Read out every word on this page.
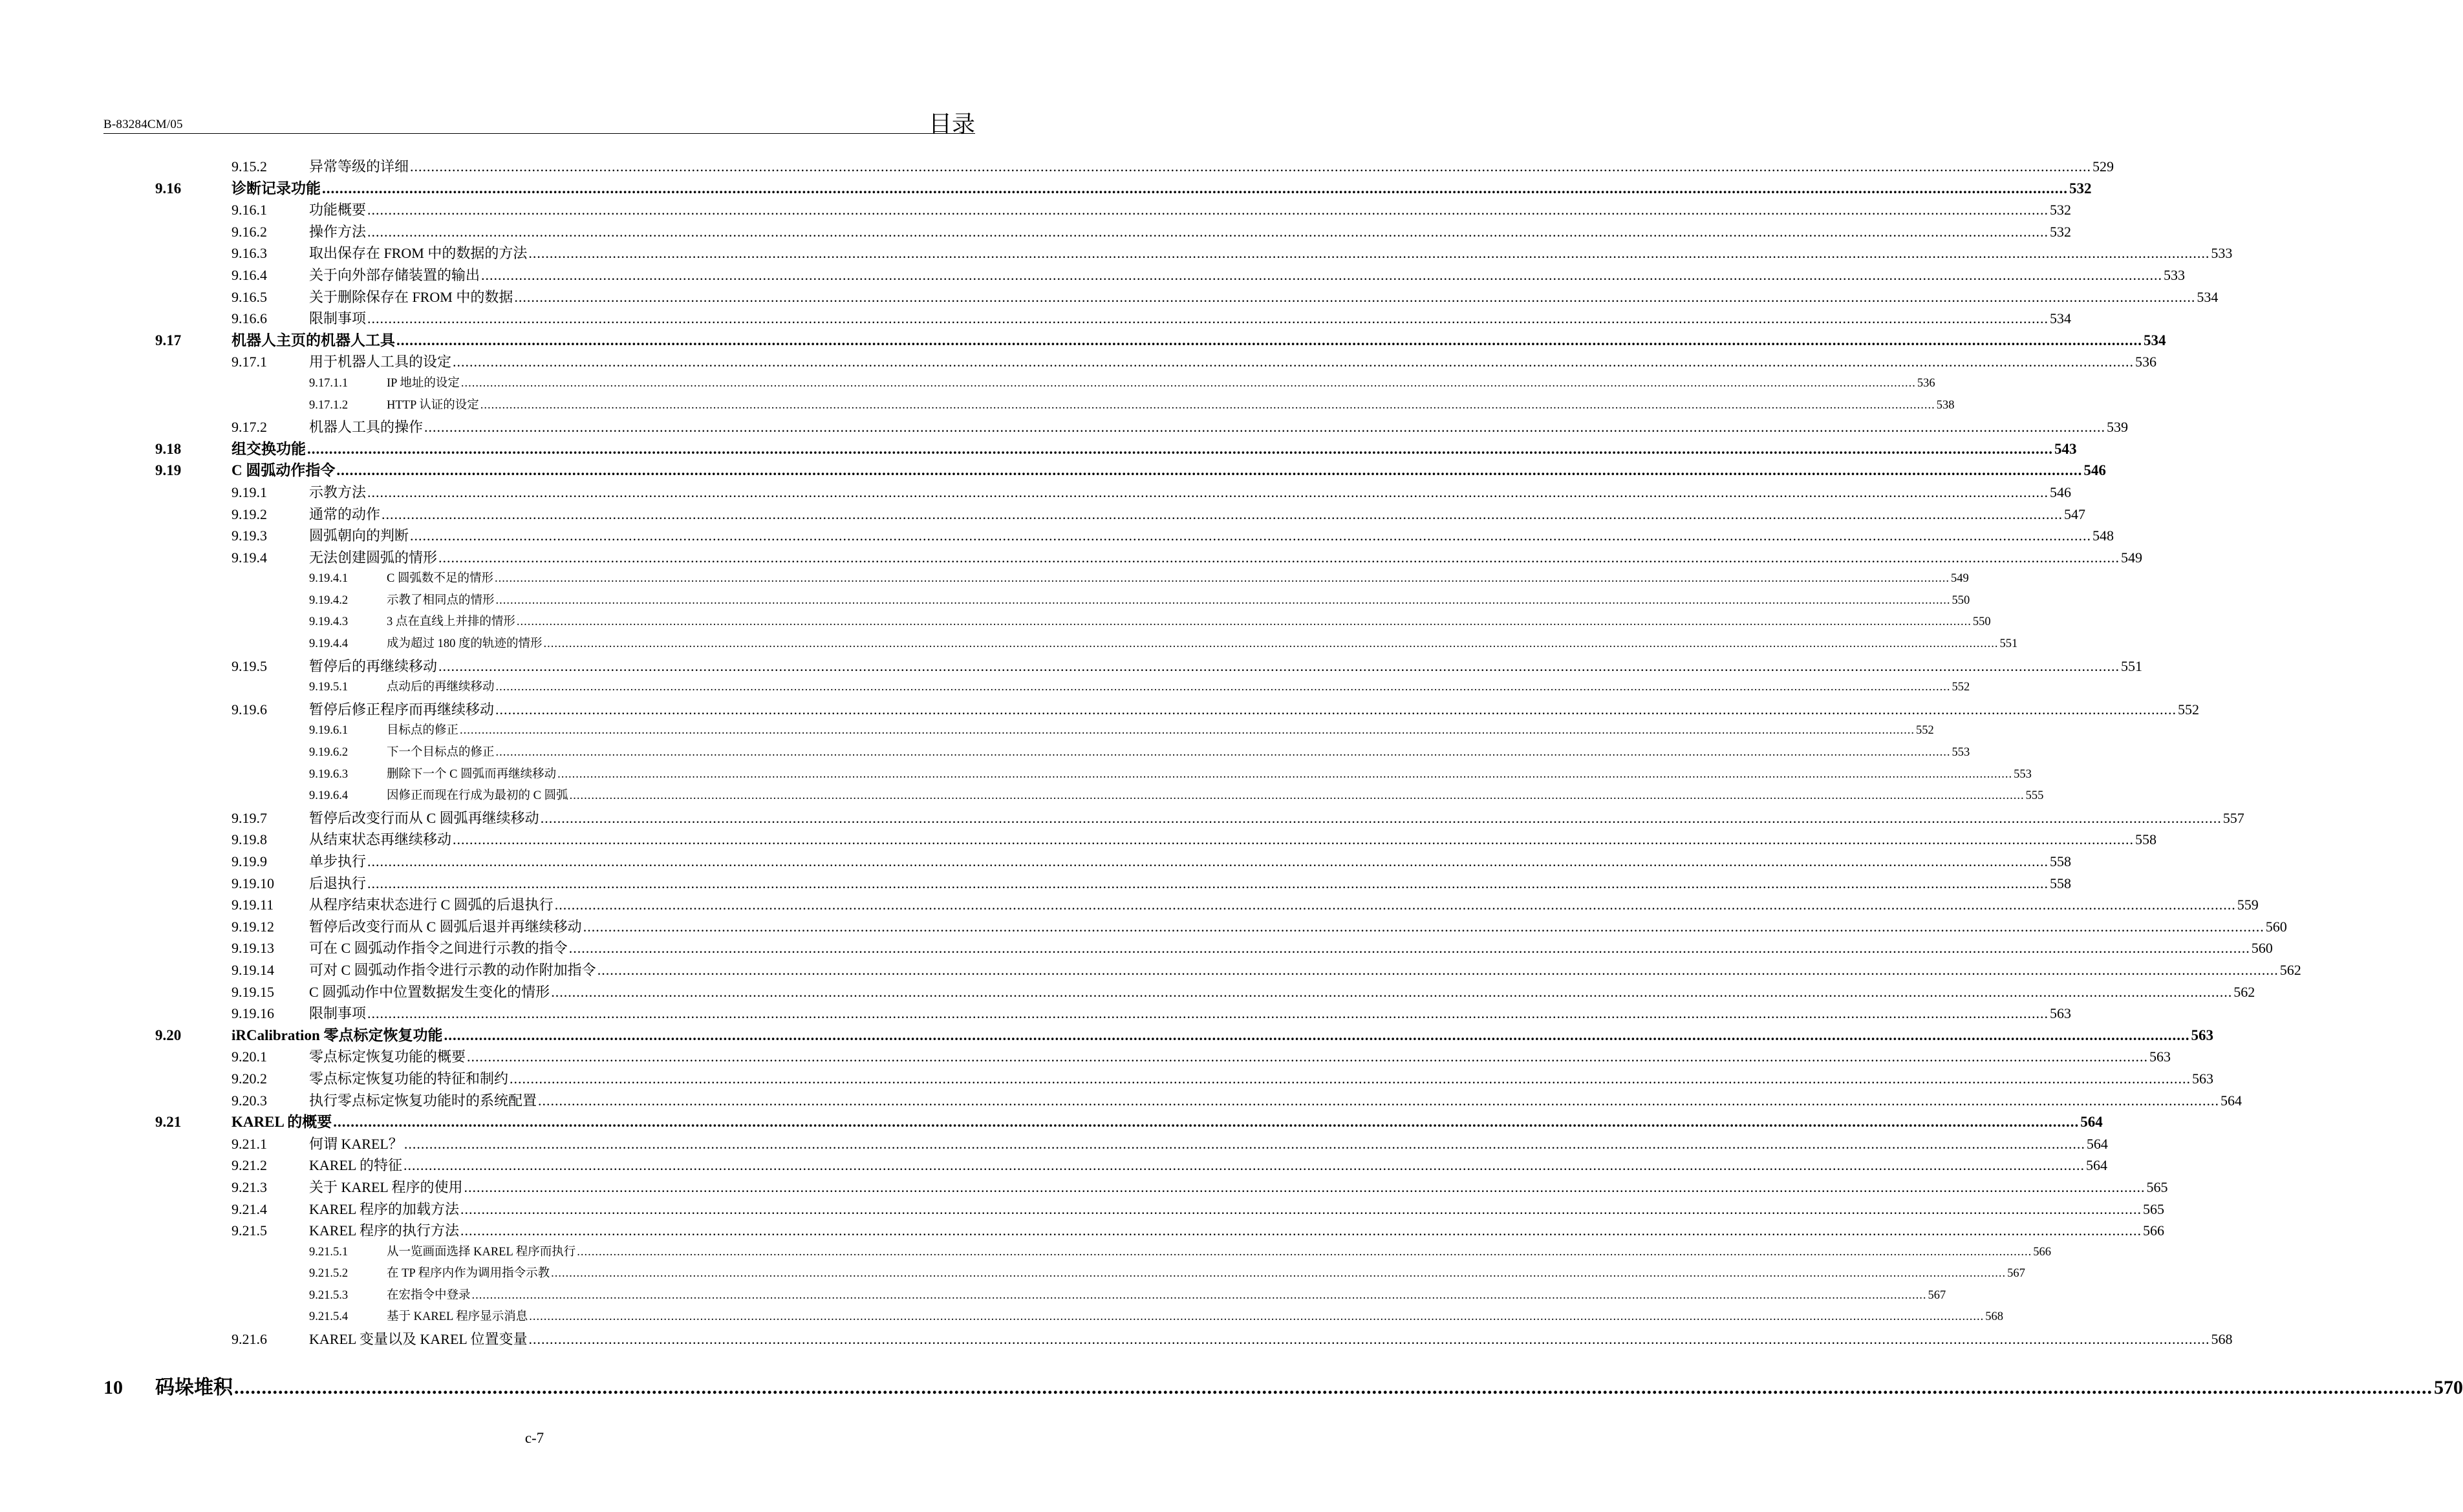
B-83284CM/05	目录
9.15.2	异常等级的详细 ................................................................................................................................................................................................................................................................................................................................................................................................................ 529
9.16	诊断记录功能 ................................................................................................................................................................................................................................................................................................................................................................................................................ 532
9.16.1	功能概要 ................................................................................................................................................................................................................................................................................................................................................................................................................ 532
9.16.2	操作方法 ................................................................................................................................................................................................................................................................................................................................................................................................................ 532
9.16.3	取出保存在 FROM 中的数据的方法 ................................................................................................................................................................................................................................................................................................................................................................................................................ 533
9.16.4	关于向外部存储装置的输出 ................................................................................................................................................................................................................................................................................................................................................................................................................ 533
9.16.5	关于删除保存在 FROM 中的数据 ................................................................................................................................................................................................................................................................................................................................................................................................................ 534
9.16.6	限制事项 ................................................................................................................................................................................................................................................................................................................................................................................................................ 534
9.17	机器人主页的机器人工具 ................................................................................................................................................................................................................................................................................................................................................................................................................ 534
9.17.1	用于机器人工具的设定 ................................................................................................................................................................................................................................................................................................................................................................................................................ 536
9.17.1.1	IP 地址的设定 ................................................................................................................................................................................................................................................................................................................................................................................................................ 536
9.17.1.2	HTTP 认证的设定 ................................................................................................................................................................................................................................................................................................................................................................................................................ 538
9.17.2	机器人工具的操作 ................................................................................................................................................................................................................................................................................................................................................................................................................ 539
9.18	组交换功能 ................................................................................................................................................................................................................................................................................................................................................................................................................ 543
9.19	C 圆弧动作指令 ................................................................................................................................................................................................................................................................................................................................................................................................................ 546
9.19.1	示教方法 ................................................................................................................................................................................................................................................................................................................................................................................................................ 546
9.19.2	通常的动作 ................................................................................................................................................................................................................................................................................................................................................................................................................ 547
9.19.3	圆弧朝向的判断 ................................................................................................................................................................................................................................................................................................................................................................................................................ 548
9.19.4	无法创建圆弧的情形 ................................................................................................................................................................................................................................................................................................................................................................................................................ 549
9.19.4.1	C 圆弧数不足的情形 ................................................................................................................................................................................................................................................................................................................................................................................................................ 549
9.19.4.2	示教了相同点的情形 ................................................................................................................................................................................................................................................................................................................................................................................................................ 550
9.19.4.3	3 点在直线上并排的情形 ................................................................................................................................................................................................................................................................................................................................................................................................................ 550
9.19.4.4	成为超过 180 度的轨迹的情形 ................................................................................................................................................................................................................................................................................................................................................................................................................ 551
9.19.5	暂停后的再继续移动 ................................................................................................................................................................................................................................................................................................................................................................................................................ 551
9.19.5.1	点动后的再继续移动 ................................................................................................................................................................................................................................................................................................................................................................................................................ 552
9.19.6	暂停后修正程序而再继续移动 ................................................................................................................................................................................................................................................................................................................................................................................................................ 552
9.19.6.1	目标点的修正 ................................................................................................................................................................................................................................................................................................................................................................................................................ 552
9.19.6.2	下一个目标点的修正 ................................................................................................................................................................................................................................................................................................................................................................................................................ 553
9.19.6.3	删除下一个 C 圆弧而再继续移动 ................................................................................................................................................................................................................................................................................................................................................................................................................ 553
9.19.6.4	因修正而现在行成为最初的 C 圆弧 ................................................................................................................................................................................................................................................................................................................................................................................................................ 555
9.19.7	暂停后改变行而从 C 圆弧再继续移动 ................................................................................................................................................................................................................................................................................................................................................................................................................ 557
9.19.8	从结束状态再继续移动 ................................................................................................................................................................................................................................................................................................................................................................................................................ 558
9.19.9	单步执行 ................................................................................................................................................................................................................................................................................................................................................................................................................ 558
9.19.10 后退执行 ................................................................................................................................................................................................................................................................................................................................................................................................................ 558
9.19.11 从程序结束状态进行 C 圆弧的后退执行 ................................................................................................................................................................................................................................................................................................................................................................................................................ 559
9.19.12 暂停后改变行而从 C 圆弧后退并再继续移动 ................................................................................................................................................................................................................................................................................................................................................................................................................ 560
9.19.13 可在 C 圆弧动作指令之间进行示教的指令 ................................................................................................................................................................................................................................................................................................................................................................................................................ 560
9.19.14 可对 C 圆弧动作指令进行示教的动作附加指令 ................................................................................................................................................................................................................................................................................................................................................................................................................ 562
9.19.15 C 圆弧动作中位置数据发生变化的情形 ................................................................................................................................................................................................................................................................................................................................................................................................................ 562
9.19.16 限制事项 ................................................................................................................................................................................................................................................................................................................................................................................................................ 563
9.20	iRCalibration 零点标定恢复功能 ................................................................................................................................................................................................................................................................................................................................................................................................................ 563
9.20.1	零点标定恢复功能的概要 ................................................................................................................................................................................................................................................................................................................................................................................................................ 563
9.20.2	零点标定恢复功能的特征和制约 ................................................................................................................................................................................................................................................................................................................................................................................................................ 563
9.20.3	执行零点标定恢复功能时的系统配置 ................................................................................................................................................................................................................................................................................................................................................................................................................ 564
9.21	KAREL 的概要 ................................................................................................................................................................................................................................................................................................................................................................................................................ 564
9.21.1	何谓 KAREL？ ................................................................................................................................................................................................................................................................................................................................................................................................................ 564
9.21.2	KAREL 的特征 ................................................................................................................................................................................................................................................................................................................................................................................................................ 564
9.21.3	关于 KAREL 程序的使用 ................................................................................................................................................................................................................................................................................................................................................................................................................ 565
9.21.4	KAREL 程序的加载方法 ................................................................................................................................................................................................................................................................................................................................................................................................................ 565
9.21.5	KAREL 程序的执行方法 ................................................................................................................................................................................................................................................................................................................................................................................................................ 566
9.21.5.1	从一览画面选择 KAREL 程序而执行 ................................................................................................................................................................................................................................................................................................................................................................................................................ 566
9.21.5.2	在 TP 程序内作为调用指令示教 ................................................................................................................................................................................................................................................................................................................................................................................................................ 567
9.21.5.3	在宏指令中登录 ................................................................................................................................................................................................................................................................................................................................................................................................................ 567
9.21.5.4	基于 KAREL 程序显示消息 ................................................................................................................................................................................................................................................................................................................................................................................................................ 568
9.21.6	KAREL 变量以及 KAREL 位置变量 ................................................................................................................................................................................................................................................................................................................................................................................................................ 568
10 码垛堆积 ................................................................................................................................................................................................................................................................................................................................................................................................................ 570
c-7
